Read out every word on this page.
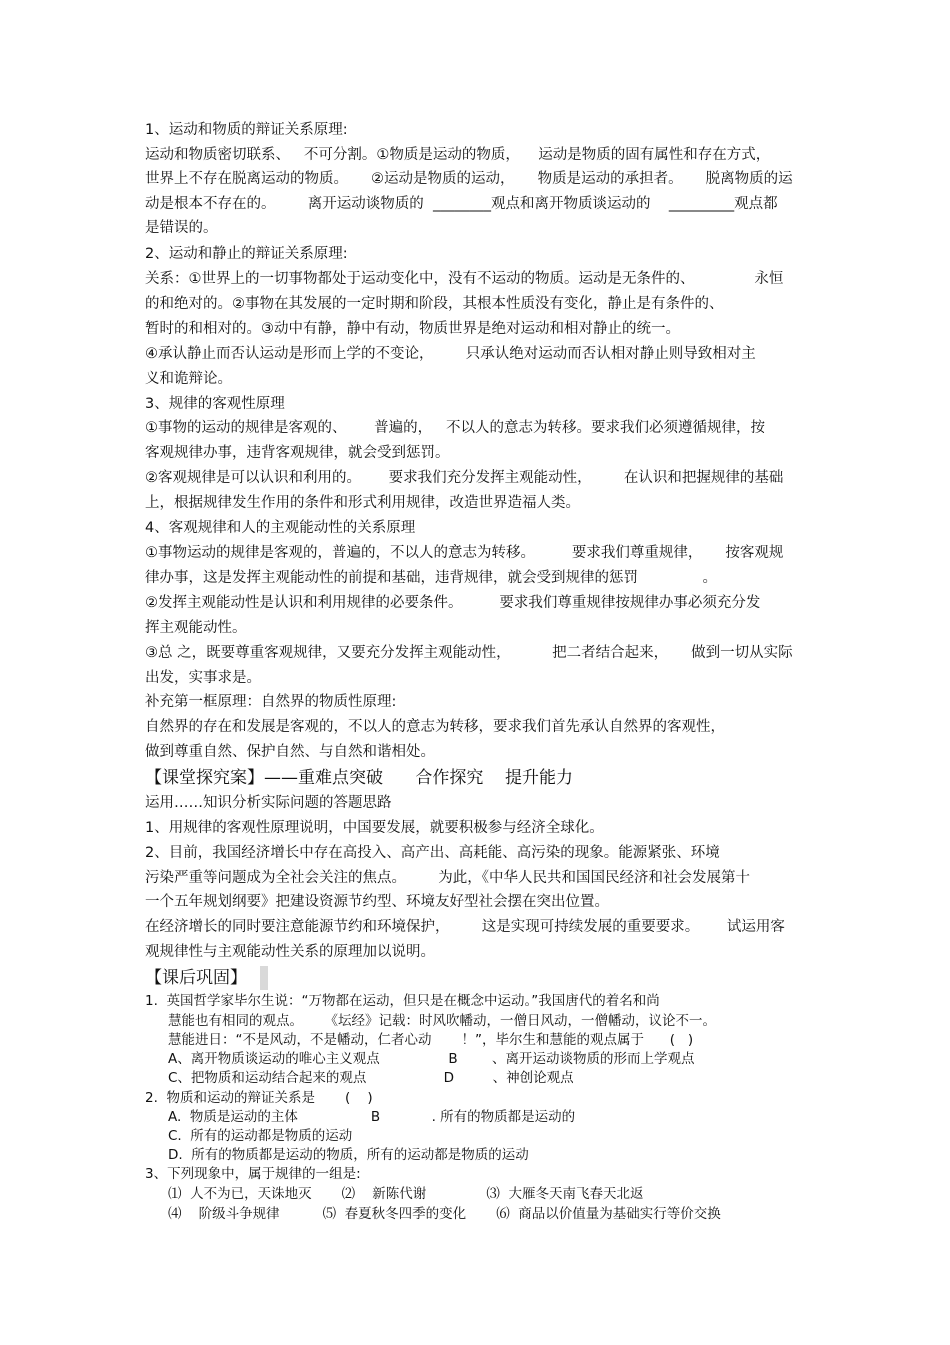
1、运动和物质的辩证关系原理:
运动和物质密切联系、   不可分割。①物质是运动的物质，    运动是物质的固有属性和存在方式，
世界上不存在脱离运动的物质。     ②运动是物质的运动，     物质是运动的承担者。     脱离物质的运
动是根本不存在的。       离开运动谈物质的  ________观点和离开物质谈运动的    _________观点都
是错误的。
2、运动和静止的辩证关系原理:
关系：①世界上的一切事物都处于运动变化中，没有不运动的物质。运动是无条件的、             永恒
的和绝对的。②事物在其发展的一定时期和阶段，其根本性质没有变化，静止是有条件的、
暂时的和相对的。③动中有静，静中有动，物质世界是绝对运动和相对静止的统一。
④承认静止而否认运动是形而上学的不变论，       只承认绝对运动而否认相对静止则导致相对主
义和诡辩论。
3、规律的客观性原理
①事物的运动的规律是客观的、      普遍的，   不以人的意志为转移。要求我们必须遵循规律，按
客观规律办事，违背客观规律，就会受到惩罚。
②客观规律是可以认识和利用的。      要求我们充分发挥主观能动性，       在认识和把握规律的基础
上，根据规律发生作用的条件和形式利用规律，改造世界造福人类。
4、客观规律和人的主观能动性的关系原理
①事物运动的规律是客观的，普遍的，不以人的意志为转移。        要求我们尊重规律，     按客观规
律办事，这是发挥主观能动性的前提和基础，违背规律，就会受到规律的惩罚              。
②发挥主观能动性是认识和利用规律的必要条件。        要求我们尊重规律按规律办事必须充分发
挥主观能动性。
③总 之，既要尊重客观规律，又要充分发挥主观能动性，         把二者结合起来，     做到一切从实际
出发，实事求是。
补充第一框原理：自然界的物质性原理:
自然界的存在和发展是客观的，不以人的意志为转移，要求我们首先承认自然界的客观性，
做到尊重自然、保护自然、与自然和谐相处。
【课堂探究案】——重难点突破      合作探究    提升能力
运用……知识分析实际问题的答题思路
1、用规律的客观性原理说明，中国要发展，就要积极参与经济全球化。
2、目前，我国经济增长中存在高投入、高产出、高耗能、高污染的现象。能源紧张、环境
污染严重等问题成为全社会关注的焦点。       为此，《中华人民共和国国民经济和社会发展第十
一个五年规划纲要》把建设资源节约型、环境友好型社会摆在突出位置。
在经济增长的同时要注意能源节约和环境保护，       这是实现可持续发展的重要要求。      试运用客
观规律性与主观能动性关系的原理加以说明。
【课后巩固】
1.  英国哲学家毕尔生说：“万物都在运动，但只是在概念中运动。”我国唐代的着名和尚
慧能也有相同的观点。     《坛经》记载：时风吹幡动，一僧日风动，一僧幡动，议论不一。
慧能进日：“不是风动，不是幡动，仁者心动       ！”，毕尔生和慧能的观点属于      (   )
A、离开物质谈运动的唯心主义观点                B        、离开运动谈物质的形而上学观点
C、把物质和运动结合起来的观点                  D         、神创论观点
2.  物质和运动的辩证关系是       (    )
A.  物质是运动的主体                 B            . 所有的物质都是运动的
C.  所有的运动都是物质的运动
D.  所有的物质都是运动的物质，所有的运动都是物质的运动
3、下列现象中，属于规律的一组是:
⑴  人不为已，天诛地灭       ⑵    新陈代谢              ⑶  大雁冬天南飞春天北返
⑷    阶级斗争规律          ⑸  春夏秋冬四季的变化       ⑹  商品以价值量为基础实行等价交换
